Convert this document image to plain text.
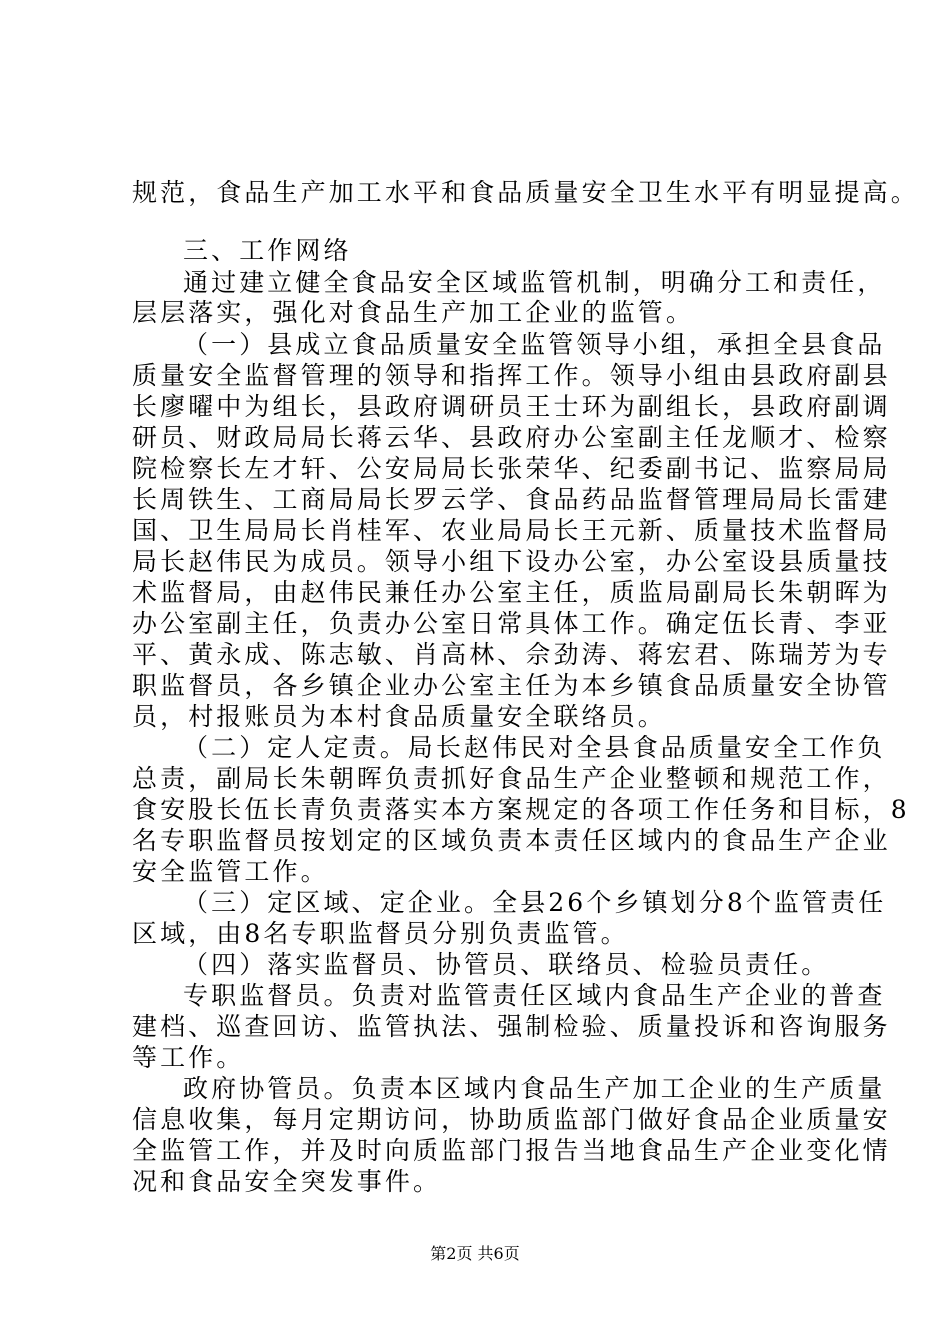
规范，食品生产加工水平和食品质量安全卫生水平有明显提高。
三、工作网络
通过建立健全食品安全区域监管机制，明确分工和责任，
层层落实，强化对食品生产加工企业的监管。
（一）县成立食品质量安全监管领导小组，承担全县食品
质量安全监督管理的领导和指挥工作。领导小组由县政府副县
长廖曜中为组长，县政府调研员王士环为副组长，县政府副调
研员、财政局局长蒋云华、县政府办公室副主任龙顺才、检察
院检察长左才轩、公安局局长张荣华、纪委副书记、监察局局
长周铁生、工商局局长罗云学、食品药品监督管理局局长雷建
国、卫生局局长肖桂军、农业局局长王元新、质量技术监督局
局长赵伟民为成员。领导小组下设办公室，办公室设县质量技
术监督局，由赵伟民兼任办公室主任，质监局副局长朱朝晖为
办公室副主任，负责办公室日常具体工作。确定伍长青、李亚
平、黄永成、陈志敏、肖高林、佘劲涛、蒋宏君、陈瑞芳为专
职监督员，各乡镇企业办公室主任为本乡镇食品质量安全协管
员，村报账员为本村食品质量安全联络员。
（二）定人定责。局长赵伟民对全县食品质量安全工作负
总责，副局长朱朝晖负责抓好食品生产企业整顿和规范工作，
食安股长伍长青负责落实本方案规定的各项工作任务和目标，8
名专职监督员按划定的区域负责本责任区域内的食品生产企业
安全监管工作。
（三）定区域、定企业。全县26个乡镇划分8个监管责任
区域，由8名专职监督员分别负责监管。
（四）落实监督员、协管员、联络员、检验员责任。
专职监督员。负责对监管责任区域内食品生产企业的普查
建档、巡查回访、监管执法、强制检验、质量投诉和咨询服务
等工作。
政府协管员。负责本区域内食品生产加工企业的生产质量
信息收集，每月定期访问，协助质监部门做好食品企业质量安
全监管工作，并及时向质监部门报告当地食品生产企业变化情
况和食品安全突发事件。
第2页 共6页
